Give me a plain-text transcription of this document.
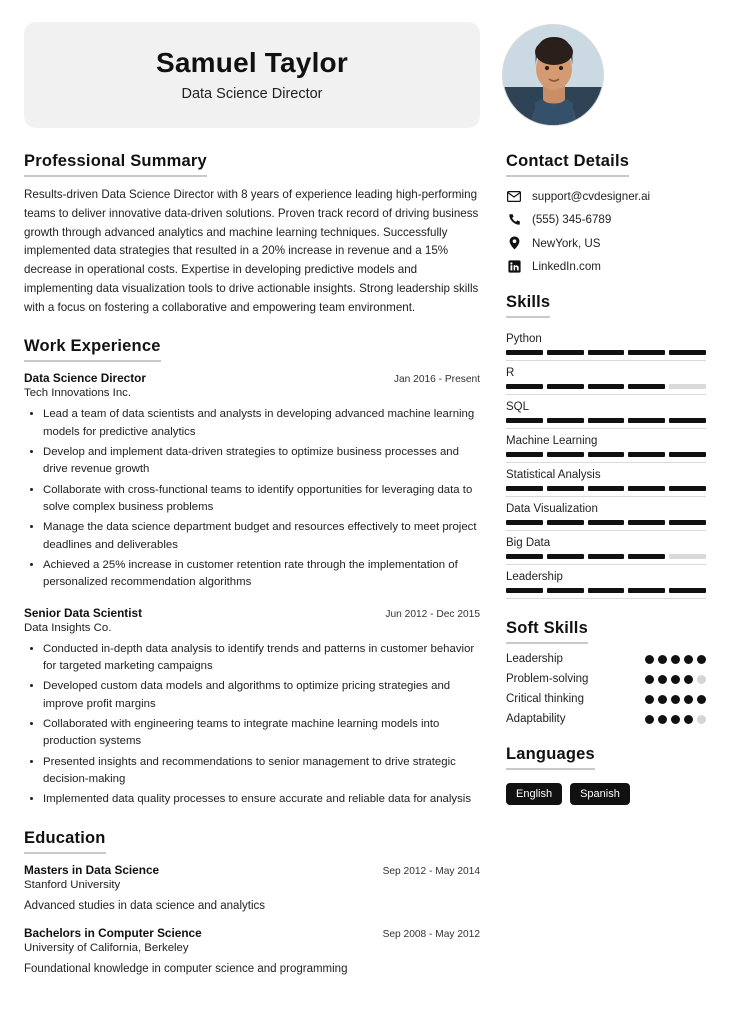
Samuel Taylor
Data Science Director
Professional Summary

Results-driven Data Science Director with 8 years of experience leading high-performing teams to deliver innovative data-driven solutions. Proven track record of driving business growth through advanced analytics and machine learning techniques. Successfully implemented data strategies that resulted in a 20% increase in revenue and a 15% decrease in operational costs. Expertise in developing predictive models and implementing data visualization tools to drive actionable insights. Strong leadership skills with a focus on fostering a collaborative and empowering team environment.

Work Experience
Data Science Director	Jan 2016 - Present
Tech Innovations Inc.
• Lead a team of data scientists and analysts in developing advanced machine learning models for predictive analytics
• Develop and implement data-driven strategies to optimize business processes and drive revenue growth
• Collaborate with cross-functional teams to identify opportunities for leveraging data to solve complex business problems
• Manage the data science department budget and resources effectively to meet project deadlines and deliverables
• Achieved a 25% increase in customer retention rate through the implementation of personalized recommendation algorithms
Senior Data Scientist	Jun 2012 - Dec 2015
Data Insights Co.
• Conducted in-depth data analysis to identify trends and patterns in customer behavior for targeted marketing campaigns
• Developed custom data models and algorithms to optimize pricing strategies and improve profit margins
• Collaborated with engineering teams to integrate machine learning models into production systems
• Presented insights and recommendations to senior management to drive strategic decision-making
• Implemented data quality processes to ensure accurate and reliable data for analysis
Education
Masters in Data Science	Sep 2012 - May 2014
Stanford University
Advanced studies in data science and analytics
Bachelors in Computer Science	Sep 2008 - May 2012
University of California, Berkeley
Foundational knowledge in computer science and programming
Contact Details
support@cvdesigner.ai
(555) 345-6789
NewYork, US
LinkedIn.com
Skills
Python
R
SQL
Machine Learning
Statistical Analysis
Data Visualization
Big Data
Leadership
Soft Skills
Leadership
Problem-solving
Critical thinking
Adaptability
Languages
English	Spanish
